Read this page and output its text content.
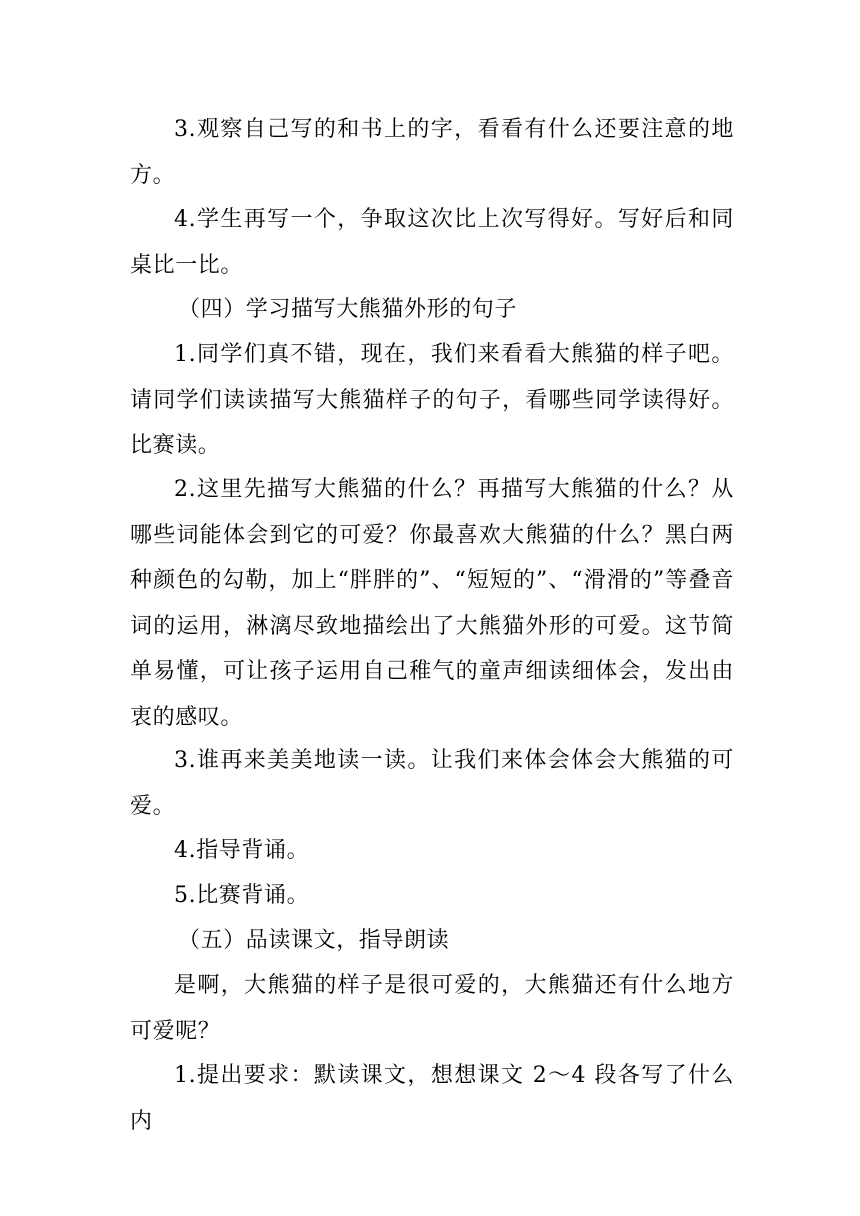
3.观察自己写的和书上的字，看看有什么还要注意的地方。

4.学生再写一个，争取这次比上次写得好。写好后和同桌比一比。

（四）学习描写大熊猫外形的句子

1.同学们真不错，现在，我们来看看大熊猫的样子吧。请同学们读读描写大熊猫样子的句子，看哪些同学读得好。比赛读。

2.这里先描写大熊猫的什么？再描写大熊猫的什么？从哪些词能体会到它的可爱？你最喜欢大熊猫的什么？黑白两种颜色的勾勒，加上“胖胖的”、“短短的”、“滑滑的”等叠音词的运用，淋漓尽致地描绘出了大熊猫外形的可爱。这节简单易懂，可让孩子运用自己稚气的童声细读细体会，发出由衷的感叹。

3.谁再来美美地读一读。让我们来体会体会大熊猫的可爱。

4.指导背诵。

5.比赛背诵。

（五）品读课文，指导朗读

是啊，大熊猫的样子是很可爱的，大熊猫还有什么地方可爱呢？

1.提出要求：默读课文，想想课文 2～4 段各写了什么内
